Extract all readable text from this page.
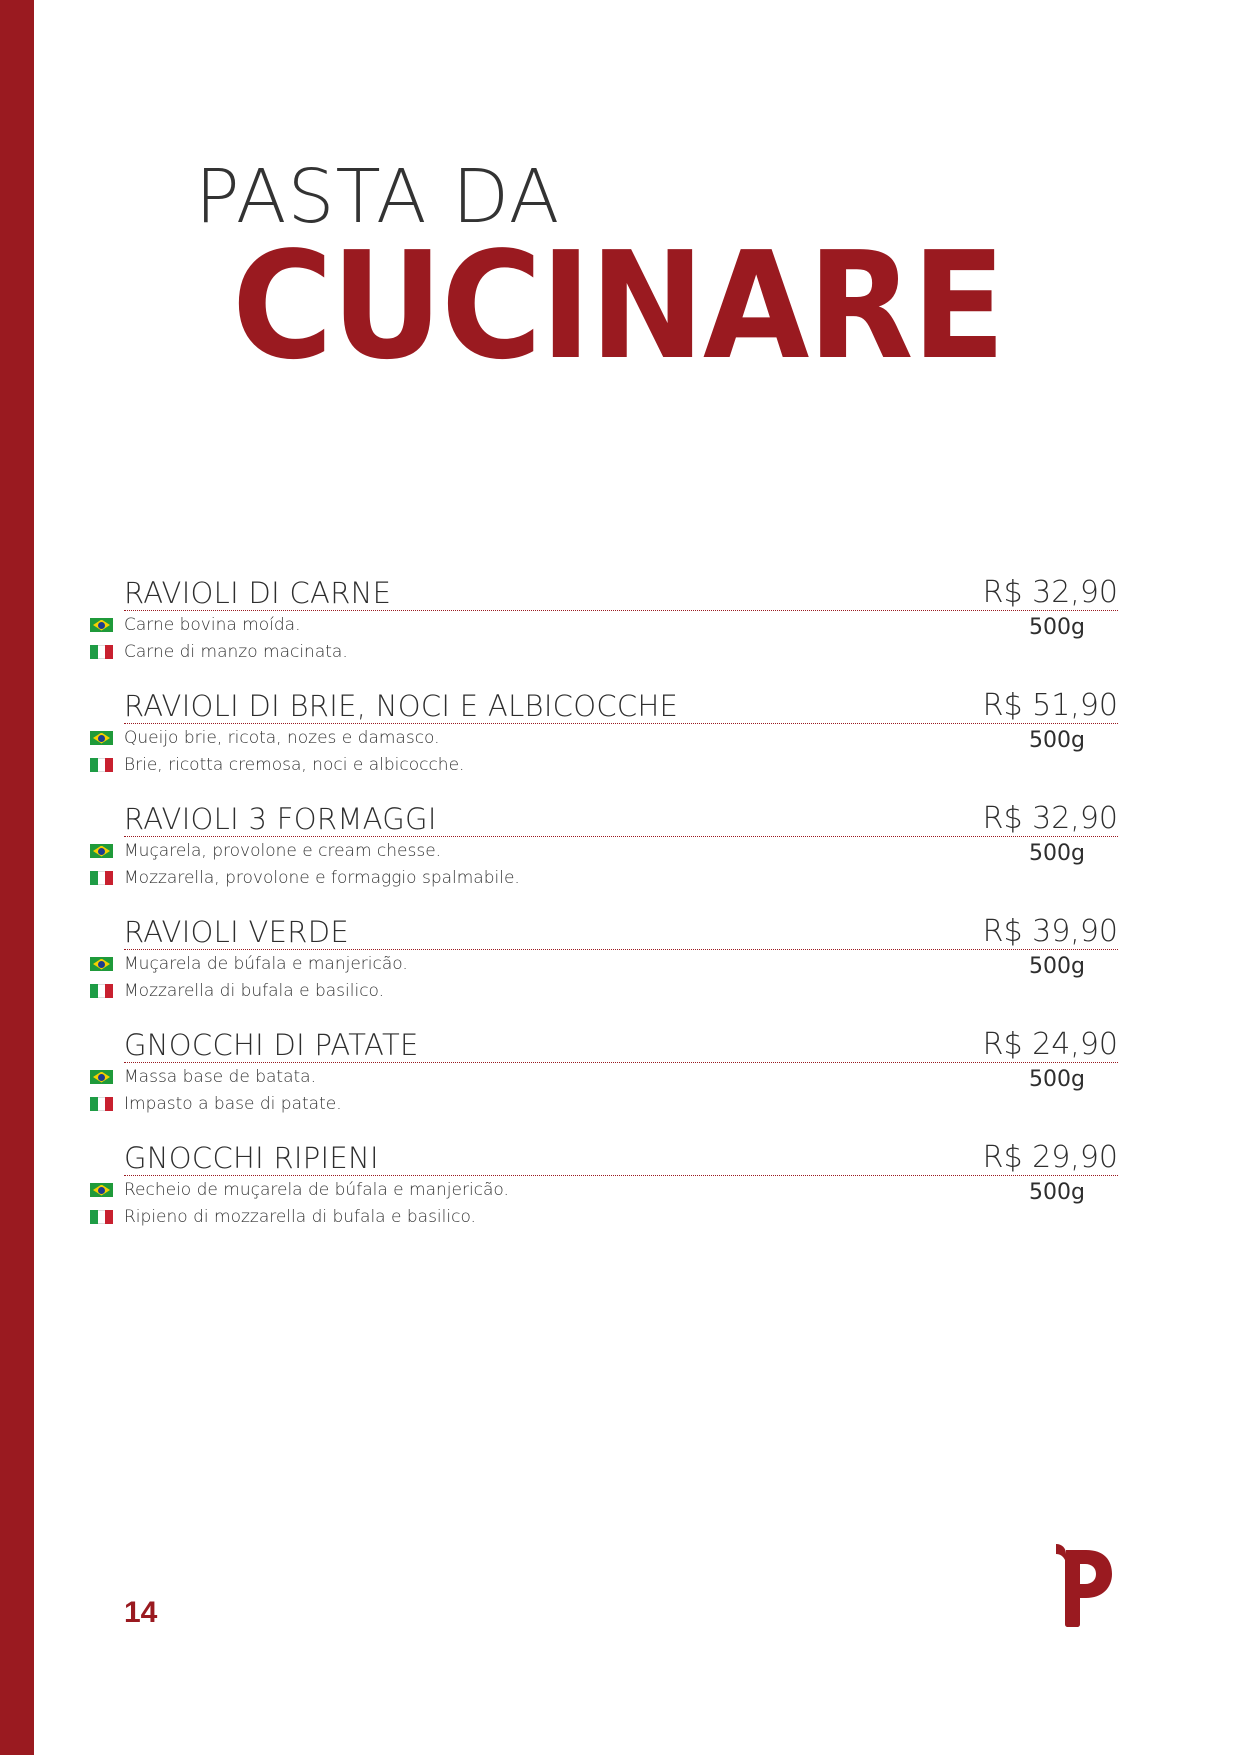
PASTA DA
CUCINARE
RAVIOLI DI CARNE	R$ 32,90
500g
Carne bovina moída.
Carne di manzo macinata.
RAVIOLI DI BRIE, NOCI E ALBICOCCHE	R$ 51,90
500g
Queijo brie, ricota, nozes e damasco.
Brie, ricotta cremosa, noci e albicocche.
RAVIOLI 3 FORMAGGI	R$ 32,90
500g
Muçarela, provolone e cream chesse.
Mozzarella, provolone e formaggio spalmabile.
RAVIOLI VERDE	R$ 39,90
500g
Muçarela de búfala e manjericão.
Mozzarella di bufala e basilico.
GNOCCHI DI PATATE	R$ 24,90
500g
Massa base de batata.
Impasto a base di patate.
GNOCCHI RIPIENI	R$ 29,90
500g
Recheio de muçarela de búfala e manjericão.
Ripieno di mozzarella di bufala e basilico.
14
